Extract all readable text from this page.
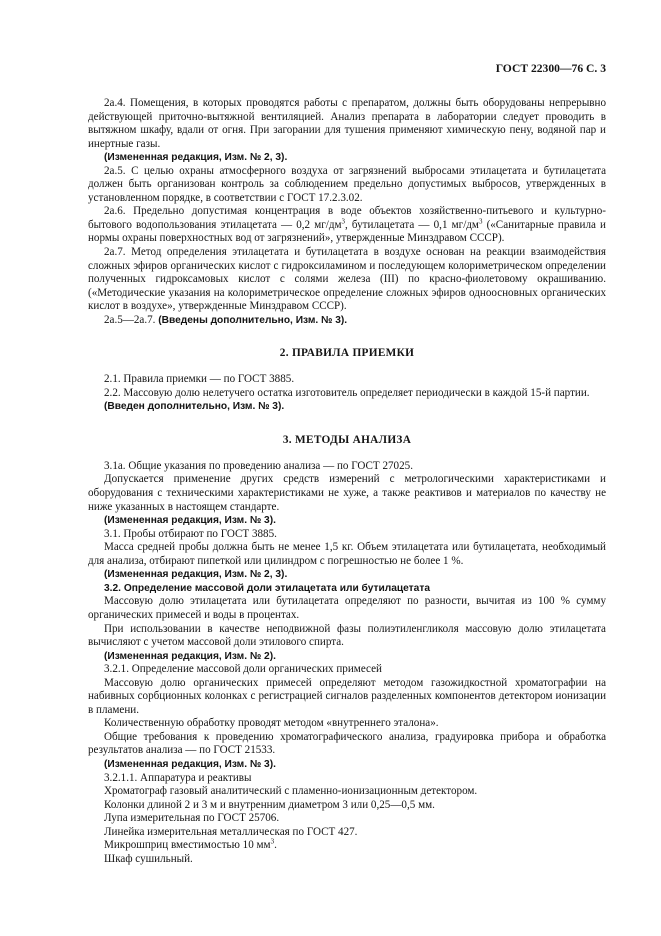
ГОСТ 22300—76 С. 3

2а.4. Помещения, в которых проводятся работы с препаратом, должны быть оборудованы непрерывно действующей приточно-вытяжной вентиляцией. Анализ препарата в лаборатории следует проводить в вытяжном шкафу, вдали от огня. При загорании для тушения применяют химическую пену, водяной пар и инертные газы.

(Измененная редакция, Изм. № 2, 3).

2а.5. С целью охраны атмосферного воздуха от загрязнений выбросами этилацетата и бутилацетата должен быть организован контроль за соблюдением предельно допустимых выбросов, утвержденных в установленном порядке, в соответствии с ГОСТ 17.2.3.02.

2а.6. Предельно допустимая концентрация в воде объектов хозяйственно-питьевого и культурно-бытового водопользования этилацетата — 0,2 $мг/дм^3$, бутилацетата — 0,1 $мг/дм^3$ («Санитарные правила и нормы охраны поверхностных вод от загрязнений», утвержденные Минздравом СССР).

2а.7. Метод определения этилацетата и бутилацетата в воздухе основан на реакции взаимодействия сложных эфиров органических кислот с гидроксиламином и последующем колориметрическом определении полученных гидроксамовых кислот с солями железа (III) по красно-фиолетовому окрашиванию. («Методические указания на колориметрическое определение сложных эфиров одноосновных органических кислот в воздухе», утвержденные Минздравом СССР).

2а.5—2а.7. (Введены дополнительно, Изм. № 3).

2. ПРАВИЛА ПРИЕМКИ

2.1. Правила приемки — по ГОСТ 3885.

2.2. Массовую долю нелетучего остатка изготовитель определяет периодически в каждой 15-й партии.

(Введен дополнительно, Изм. № 3).

3. МЕТОДЫ АНАЛИЗА

3.1а. Общие указания по проведению анализа — по ГОСТ 27025.

Допускается применение других средств измерений с метрологическими характеристиками и оборудования с техническими характеристиками не хуже, а также реактивов и материалов по качеству не ниже указанных в настоящем стандарте.

(Измененная редакция, Изм. № 3).

3.1. Пробы отбирают по ГОСТ 3885.

Масса средней пробы должна быть не менее 1,5 кг. Объем этилацетата или бутилацетата, необходимый для анализа, отбирают пипеткой или цилиндром с погрешностью не более 1 %.

(Измененная редакция, Изм. № 2, 3).

3.2. Определение массовой доли этилацетата или бутилацетата

Массовую долю этилацетата или бутилацетата определяют по разности, вычитая из 100 % сумму органических примесей и воды в процентах.

При использовании в качестве неподвижной фазы полиэтиленгликоля массовую долю этилацетата вычисляют с учетом массовой доли этилового спирта.

(Измененная редакция, Изм. № 2).

3.2.1. Определение массовой доли органических примесей

Массовую долю органических примесей определяют методом газожидкостной хроматографии на набивных сорбционных колонках с регистрацией сигналов разделенных компонентов детектором ионизации в пламени.

Количественную обработку проводят методом «внутреннего эталона».

Общие требования к проведению хроматографического анализа, градуировка прибора и обработка результатов анализа — по ГОСТ 21533.

(Измененная редакция, Изм. № 3).

3.2.1.1. Аппаратура и реактивы

Хроматограф газовый аналитический с пламенно-ионизационным детектором.

Колонки длиной 2 и 3 м и внутренним диаметром 3 или 0,25—0,5 мм.

Лупа измерительная по ГОСТ 25706.

Линейка измерительная металлическая по ГОСТ 427.

Микрошприц вместимостью 10 $мм^3$.

Шкаф сушильный.
